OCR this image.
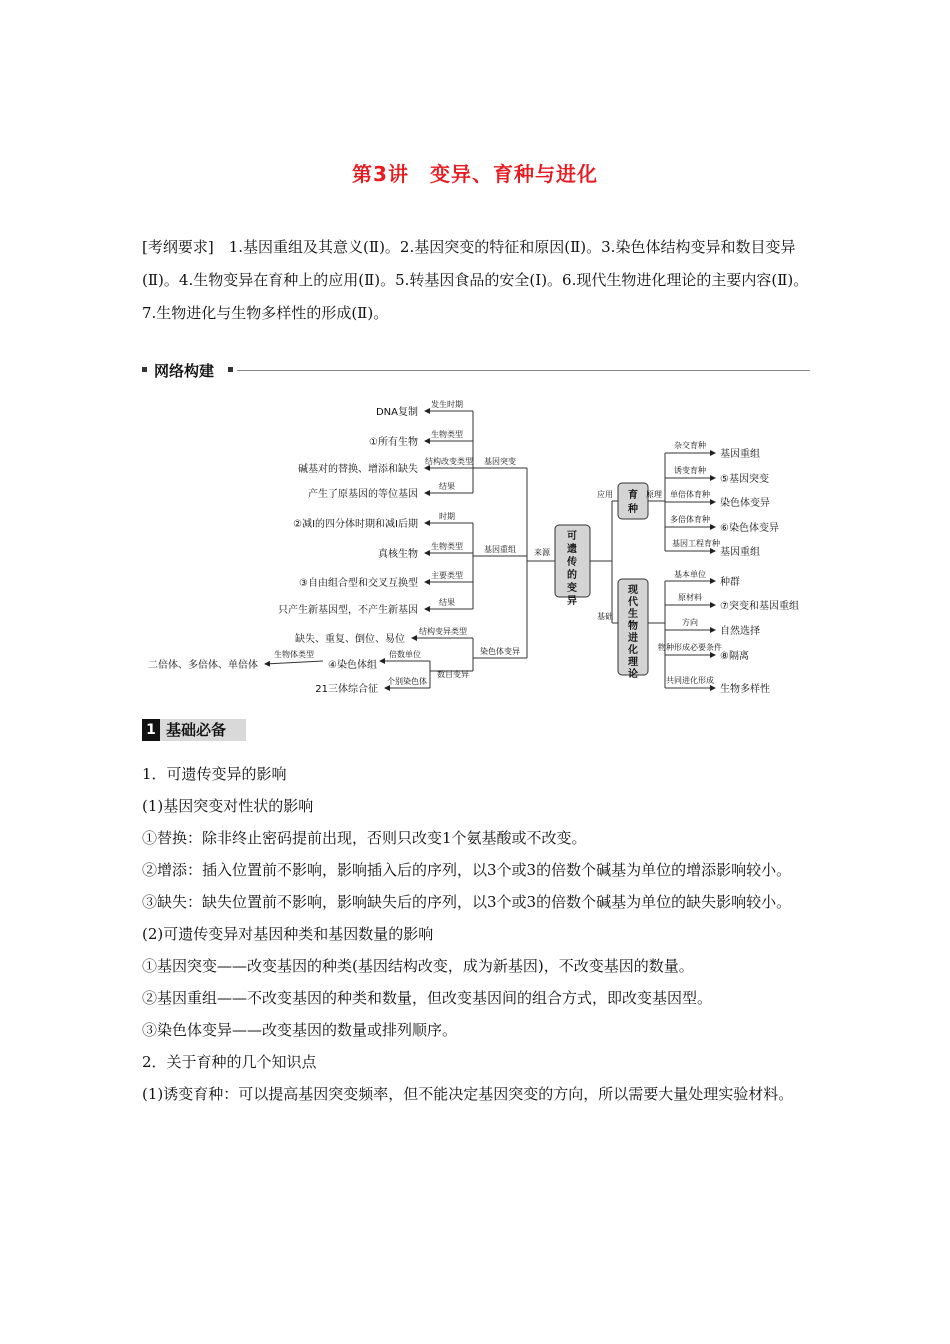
第3讲　变异、育种与进化
[考纲要求]　1.基因重组及其意义(Ⅱ)。2.基因突变的特征和原因(Ⅱ)。3.染色体结构变异和数目变异(Ⅱ)。4.生物变异在育种上的应用(Ⅱ)。5.转基因食品的安全(Ⅰ)。6.现代生物进化理论的主要内容(Ⅱ)。7.生物进化与生物多样性的形成(Ⅱ)。
网络构建
可
遗
传
的
变
异
育
种
现
代
生
物
进
化
理
论
来源
基因突变
基因重组
染色体变异
应用
基础
原理
发生时期
生物类型
结构改变类型
结果
时期
生物类型
主要类型
结果
结构变异类型
数目变异
倍数单位
生物体类型
个别染色体
杂交育种
诱变育种
单倍体育种
多倍体育种
基因工程育种
基本单位
原材料
方向
物种形成必要条件
共同进化形成
DNA复制
①所有生物
碱基对的替换、增添和缺失
产生了原基因的等位基因
②减Ⅰ的四分体时期和减Ⅰ后期
真核生物
③自由组合型和交叉互换型
只产生新基因型，不产生新基因
缺失、重复、倒位、易位
④染色体组
二倍体、多倍体、单倍体
21三体综合征
基因重组
⑤基因突变
染色体变异
⑥染色体变异
基因重组
种群
⑦突变和基因重组
自然选择
⑧隔离
生物多样性
1 基础必备

1．可遗传变异的影响

(1)基因突变对性状的影响

①替换：除非终止密码提前出现，否则只改变1个氨基酸或不改变。

②增添：插入位置前不影响，影响插入后的序列，以3个或3的倍数个碱基为单位的增添影响较小。

③缺失：缺失位置前不影响，影响缺失后的序列，以3个或3的倍数个碱基为单位的缺失影响较小。

(2)可遗传变异对基因种类和基因数量的影响

①基因突变——改变基因的种类(基因结构改变，成为新基因)，不改变基因的数量。

②基因重组——不改变基因的种类和数量，但改变基因间的组合方式，即改变基因型。

③染色体变异——改变基因的数量或排列顺序。

2．关于育种的几个知识点

(1)诱变育种：可以提高基因突变频率，但不能决定基因突变的方向，所以需要大量处理实验材料。
